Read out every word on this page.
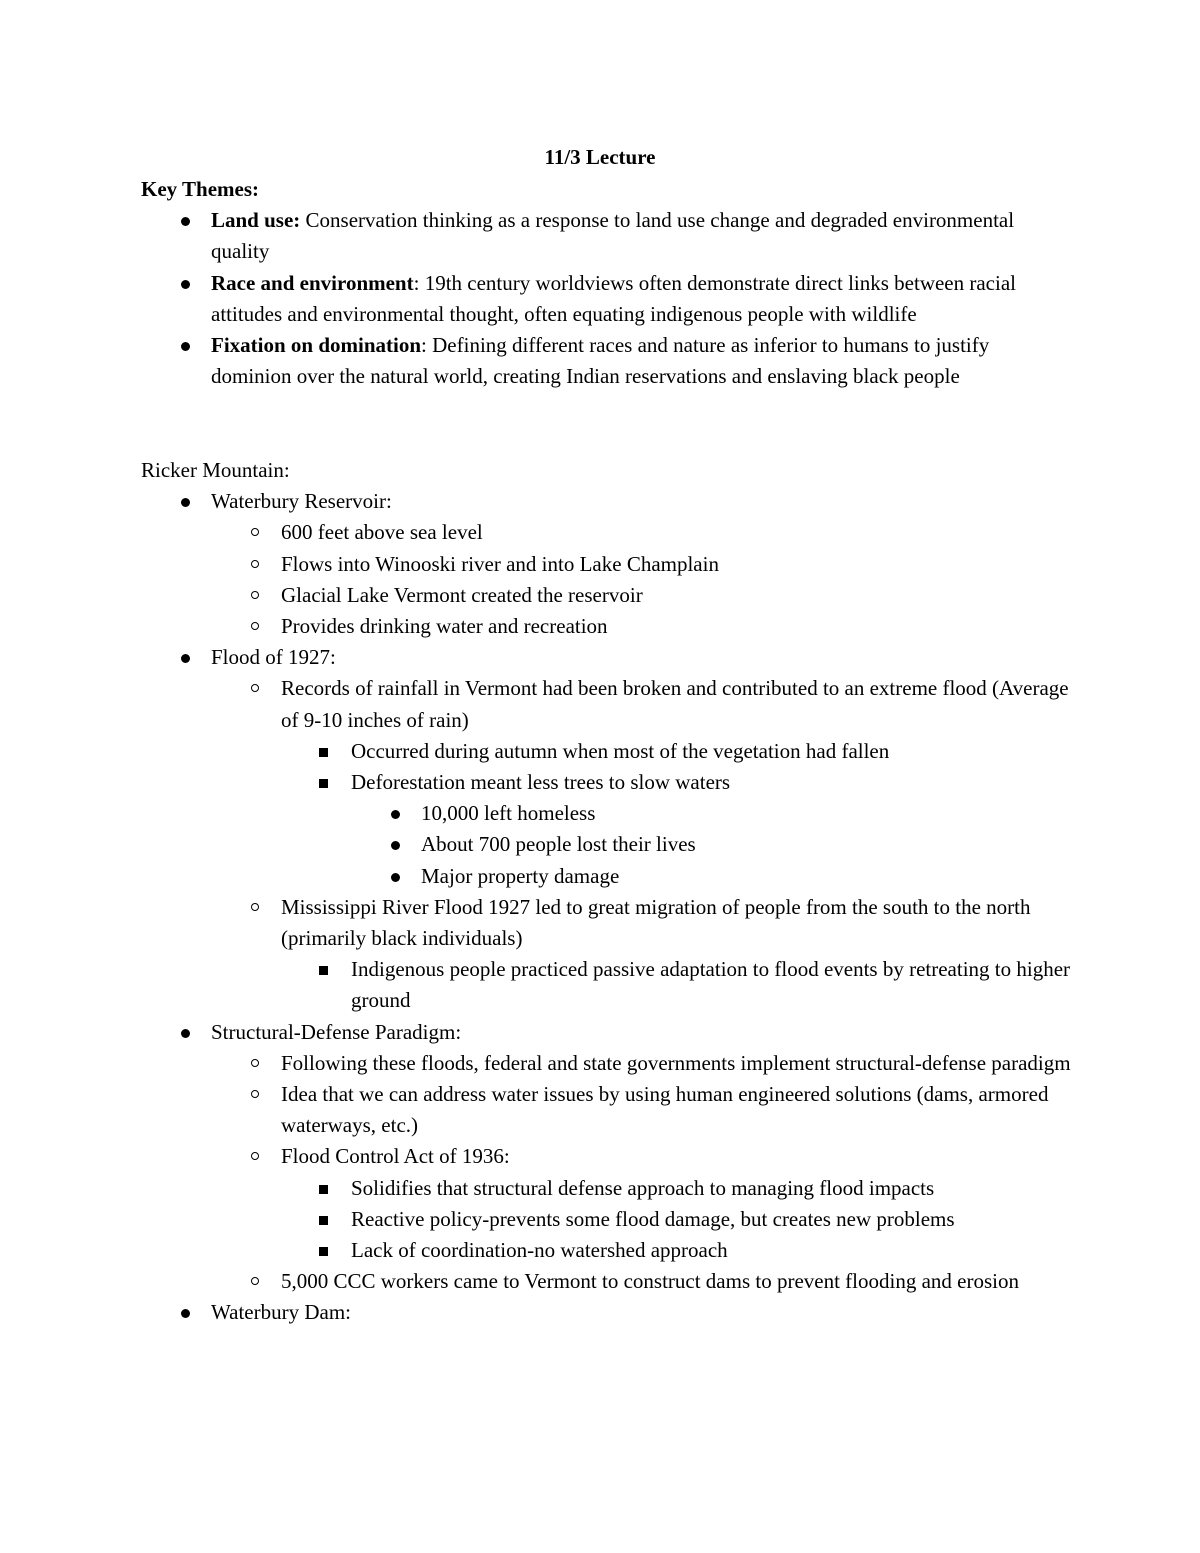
11/3 Lecture

Key Themes:

Land use: Conservation thinking as a response to land use change and degraded environmental quality
Race and environment: 19th century worldviews often demonstrate direct links between racial attitudes and environmental thought, often equating indigenous people with wildlife
Fixation on domination: Defining different races and nature as inferior to humans to justify dominion over the natural world, creating Indian reservations and enslaving black people

Ricker Mountain:

Waterbury Reservoir:
600 feet above sea level
Flows into Winooski river and into Lake Champlain
Glacial Lake Vermont created the reservoir
Provides drinking water and recreation
Flood of 1927:
Records of rainfall in Vermont had been broken and contributed to an extreme flood (Average of 9-10 inches of rain)
Occurred during autumn when most of the vegetation had fallen
Deforestation meant less trees to slow waters
10,000 left homeless
About 700 people lost their lives
Major property damage
Mississippi River Flood 1927 led to great migration of people from the south to the north (primarily black individuals)
Indigenous people practiced passive adaptation to flood events by retreating to higher ground
Structural-Defense Paradigm:
Following these floods, federal and state governments implement structural-defense paradigm
Idea that we can address water issues by using human engineered solutions (dams, armored waterways, etc.)
Flood Control Act of 1936:
Solidifies that structural defense approach to managing flood impacts
Reactive policy-prevents some flood damage, but creates new problems
Lack of coordination-no watershed approach
5,000 CCC workers came to Vermont to construct dams to prevent flooding and erosion
Waterbury Dam:
